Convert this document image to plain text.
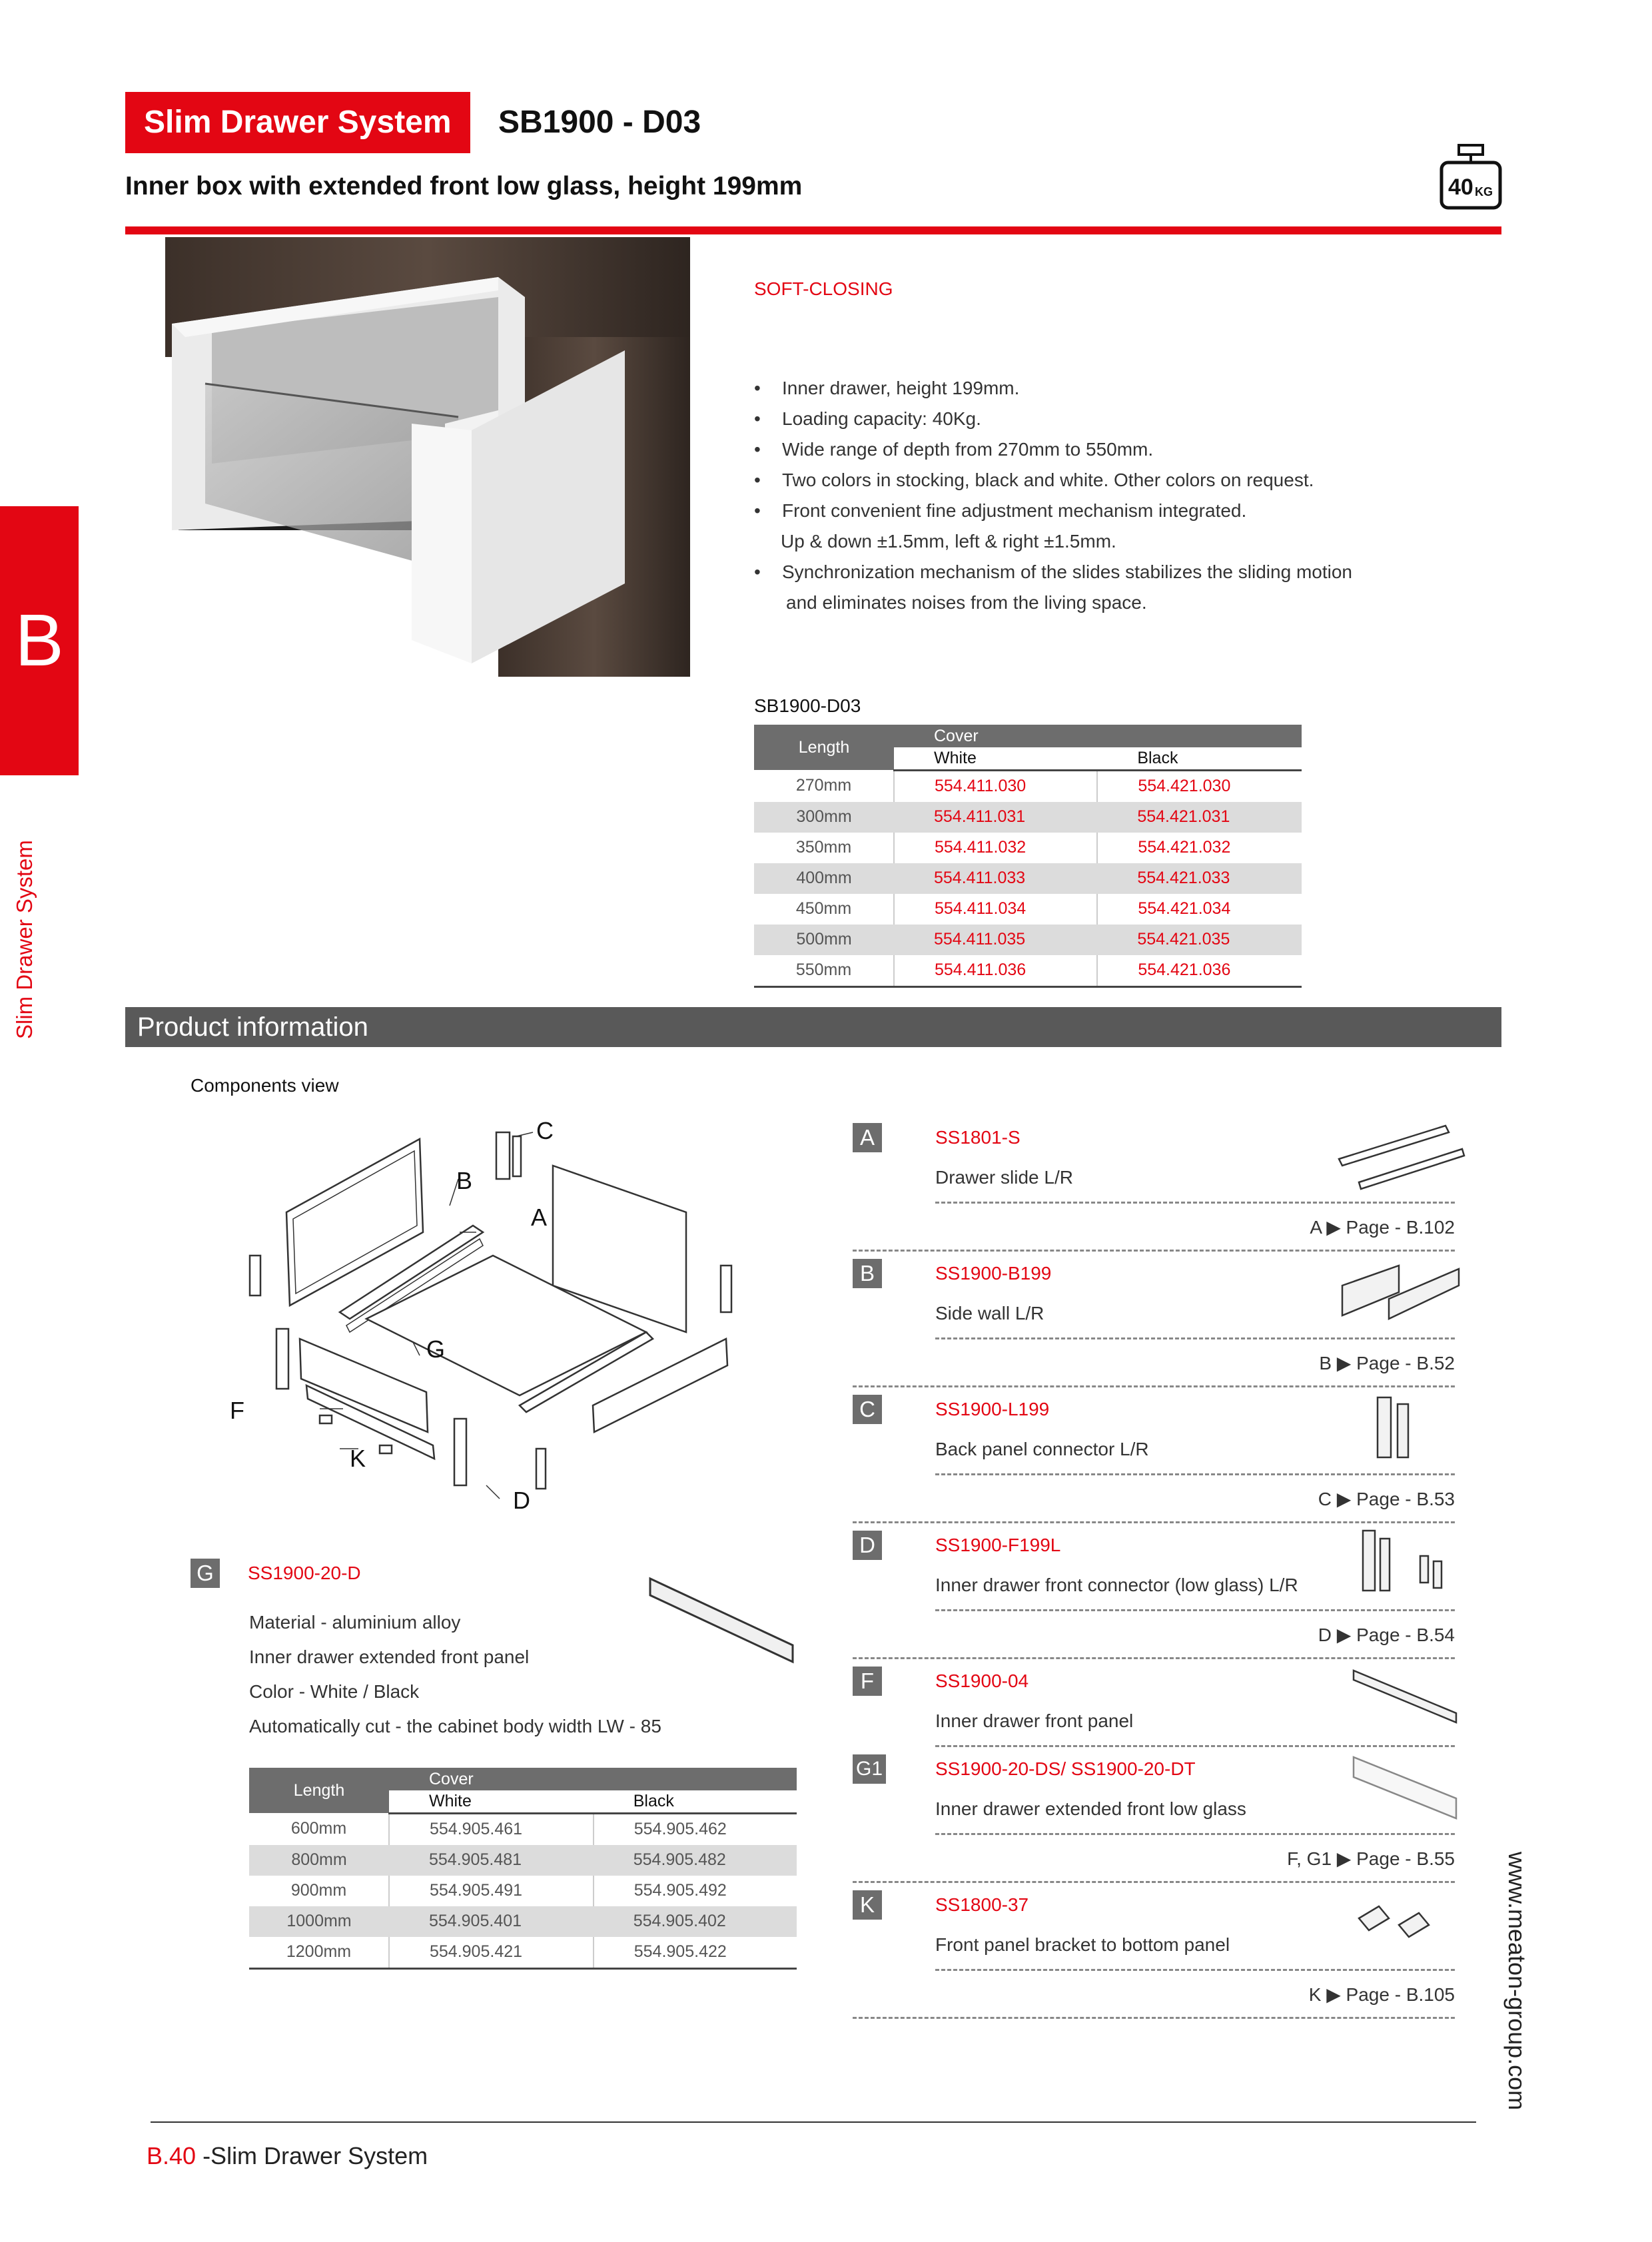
Slim Drawer System	SB1900 - D03
Inner box with extended front low glass, height 199mm	40 KG
B
Slim Drawer System
SOFT-CLOSING
• Inner drawer, height 199mm.
• Loading capacity: 40Kg.
• Wide range of depth from 270mm to 550mm.
• Two colors in stocking, black and white. Other colors on request.
• Front convenient fine adjustment mechanism integrated.
Up & down ±1.5mm, left & right ±1.5mm.
• Synchronization mechanism of the slides stabilizes the sliding motion
and eliminates noises from the living space.
SB1900-D03
Length	Cover	
	White	Black
270mm	554.411.030	554.421.030
300mm	554.411.031	554.421.031
350mm	554.411.032	554.421.032
400mm	554.411.033	554.421.033
450mm	554.411.034	554.421.034
500mm	554.411.035	554.421.035
550mm	554.411.036	554.421.036
Product information
Components view
C
B
A
G
F
K
D
G	SS1900-20-D
Material - aluminium alloy
Inner drawer extended front panel
Color - White / Black
Automatically cut - the cabinet body width LW - 85
Length	Cover	
	White	Black
600mm	554.905.461	554.905.462
800mm	554.905.481	554.905.482
900mm	554.905.491	554.905.492
1000mm	554.905.401	554.905.402
1200mm	554.905.421	554.905.422
A	SS1801-S
Drawer slide L/R
A ▶ Page - B.102
B	SS1900-B199
Side wall L/R
B ▶ Page - B.52
C	SS1900-L199
Back panel connector L/R
C ▶ Page - B.53
D	SS1900-F199L
Inner drawer front connector (low glass) L/R
D ▶ Page - B.54
F	SS1900-04
Inner drawer front panel
G1	SS1900-20-DS/ SS1900-20-DT
Inner drawer extended front low glass
F, G1 ▶ Page - B.55
K	SS1800-37
Front panel bracket to bottom panel
K ▶ Page - B.105 www.meaton-group.com
B.40 -Slim Drawer System
